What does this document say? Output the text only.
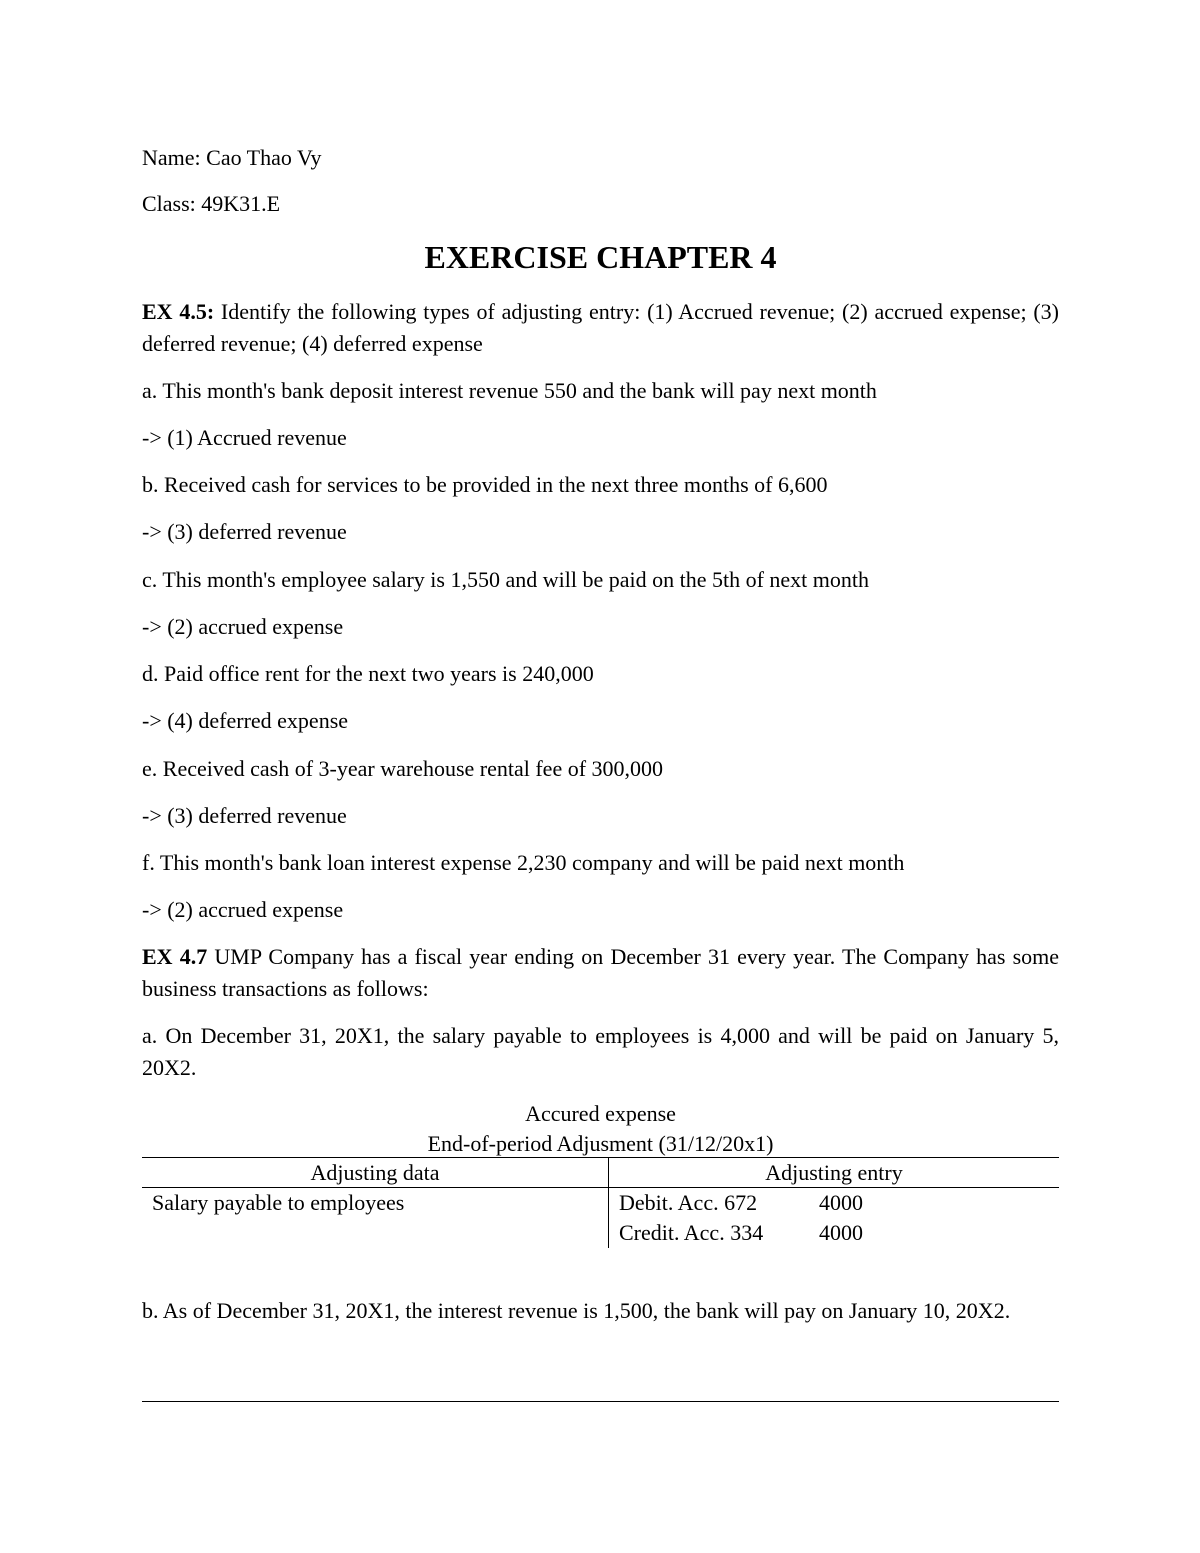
Name: Cao Thao Vy
Class: 49K31.E
EXERCISE CHAPTER 4
EX 4.5: Identify the following types of adjusting entry: (1) Accrued revenue; (2) accrued expense; (3) deferred revenue; (4) deferred expense
a. This month's bank deposit interest revenue 550 and the bank will pay next month
-> (1) Accrued revenue
b. Received cash for services to be provided in the next three months of 6,600
-> (3) deferred revenue
c. This month's employee salary is 1,550 and will be paid on the 5th of next month
-> (2) accrued expense
d. Paid office rent for the next two years is 240,000
-> (4) deferred expense
e. Received cash of 3-year warehouse rental fee of 300,000
-> (3) deferred revenue
f. This month's bank loan interest expense 2,230 company and will be paid next month
-> (2) accrued expense
EX 4.7 UMP Company has a fiscal year ending on December 31 every year. The Company has some business transactions as follows:
a. On December 31, 20X1, the salary payable to employees is 4,000 and will be paid on January 5, 20X2.
Accured expense
End-of-period Adjusment (31/12/20x1)
Adjusting data	Adjusting entry
Salary payable to employees	Debit. Acc. 672 4000
Credit. Acc. 334 4000
b. As of December 31, 20X1, the interest revenue is 1,500, the bank will pay on January 10, 20X2.
